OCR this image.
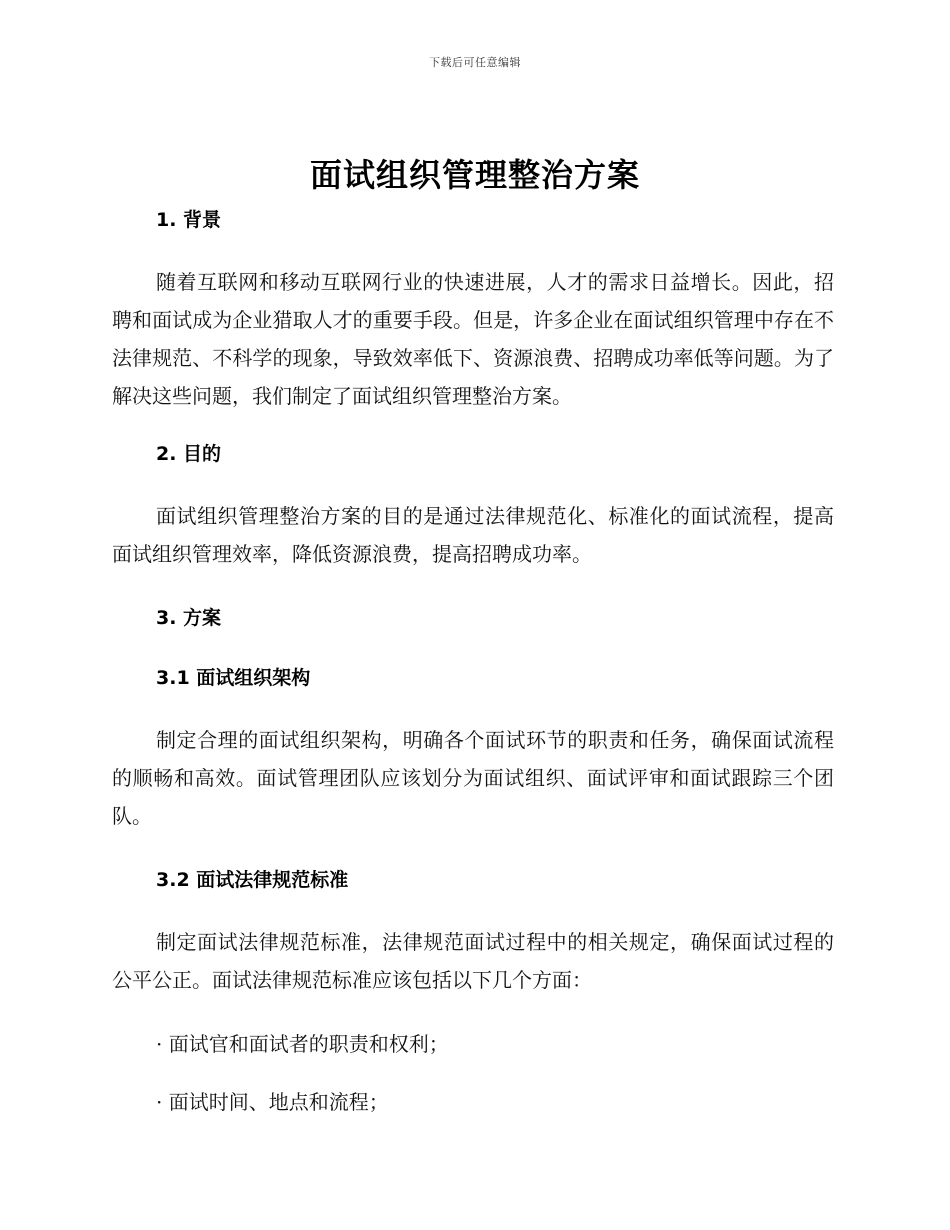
下载后可任意编辑
面试组织管理整治方案
1. 背景

随着互联网和移动互联网行业的快速进展，人才的需求日益增长。因此，招聘和面试成为企业猎取人才的重要手段。但是，许多企业在面试组织管理中存在不法律规范、不科学的现象，导致效率低下、资源浪费、招聘成功率低等问题。为了解决这些问题，我们制定了面试组织管理整治方案。

2. 目的

面试组织管理整治方案的目的是通过法律规范化、标准化的面试流程，提高面试组织管理效率，降低资源浪费，提高招聘成功率。

3. 方案
3.1 面试组织架构

制定合理的面试组织架构，明确各个面试环节的职责和任务，确保面试流程的顺畅和高效。面试管理团队应该划分为面试组织、面试评审和面试跟踪三个团队。

3.2 面试法律规范标准

制定面试法律规范标准，法律规范面试过程中的相关规定，确保面试过程的公平公正。面试法律规范标准应该包括以下几个方面：

· 面试官和面试者的职责和权利；

· 面试时间、地点和流程；
